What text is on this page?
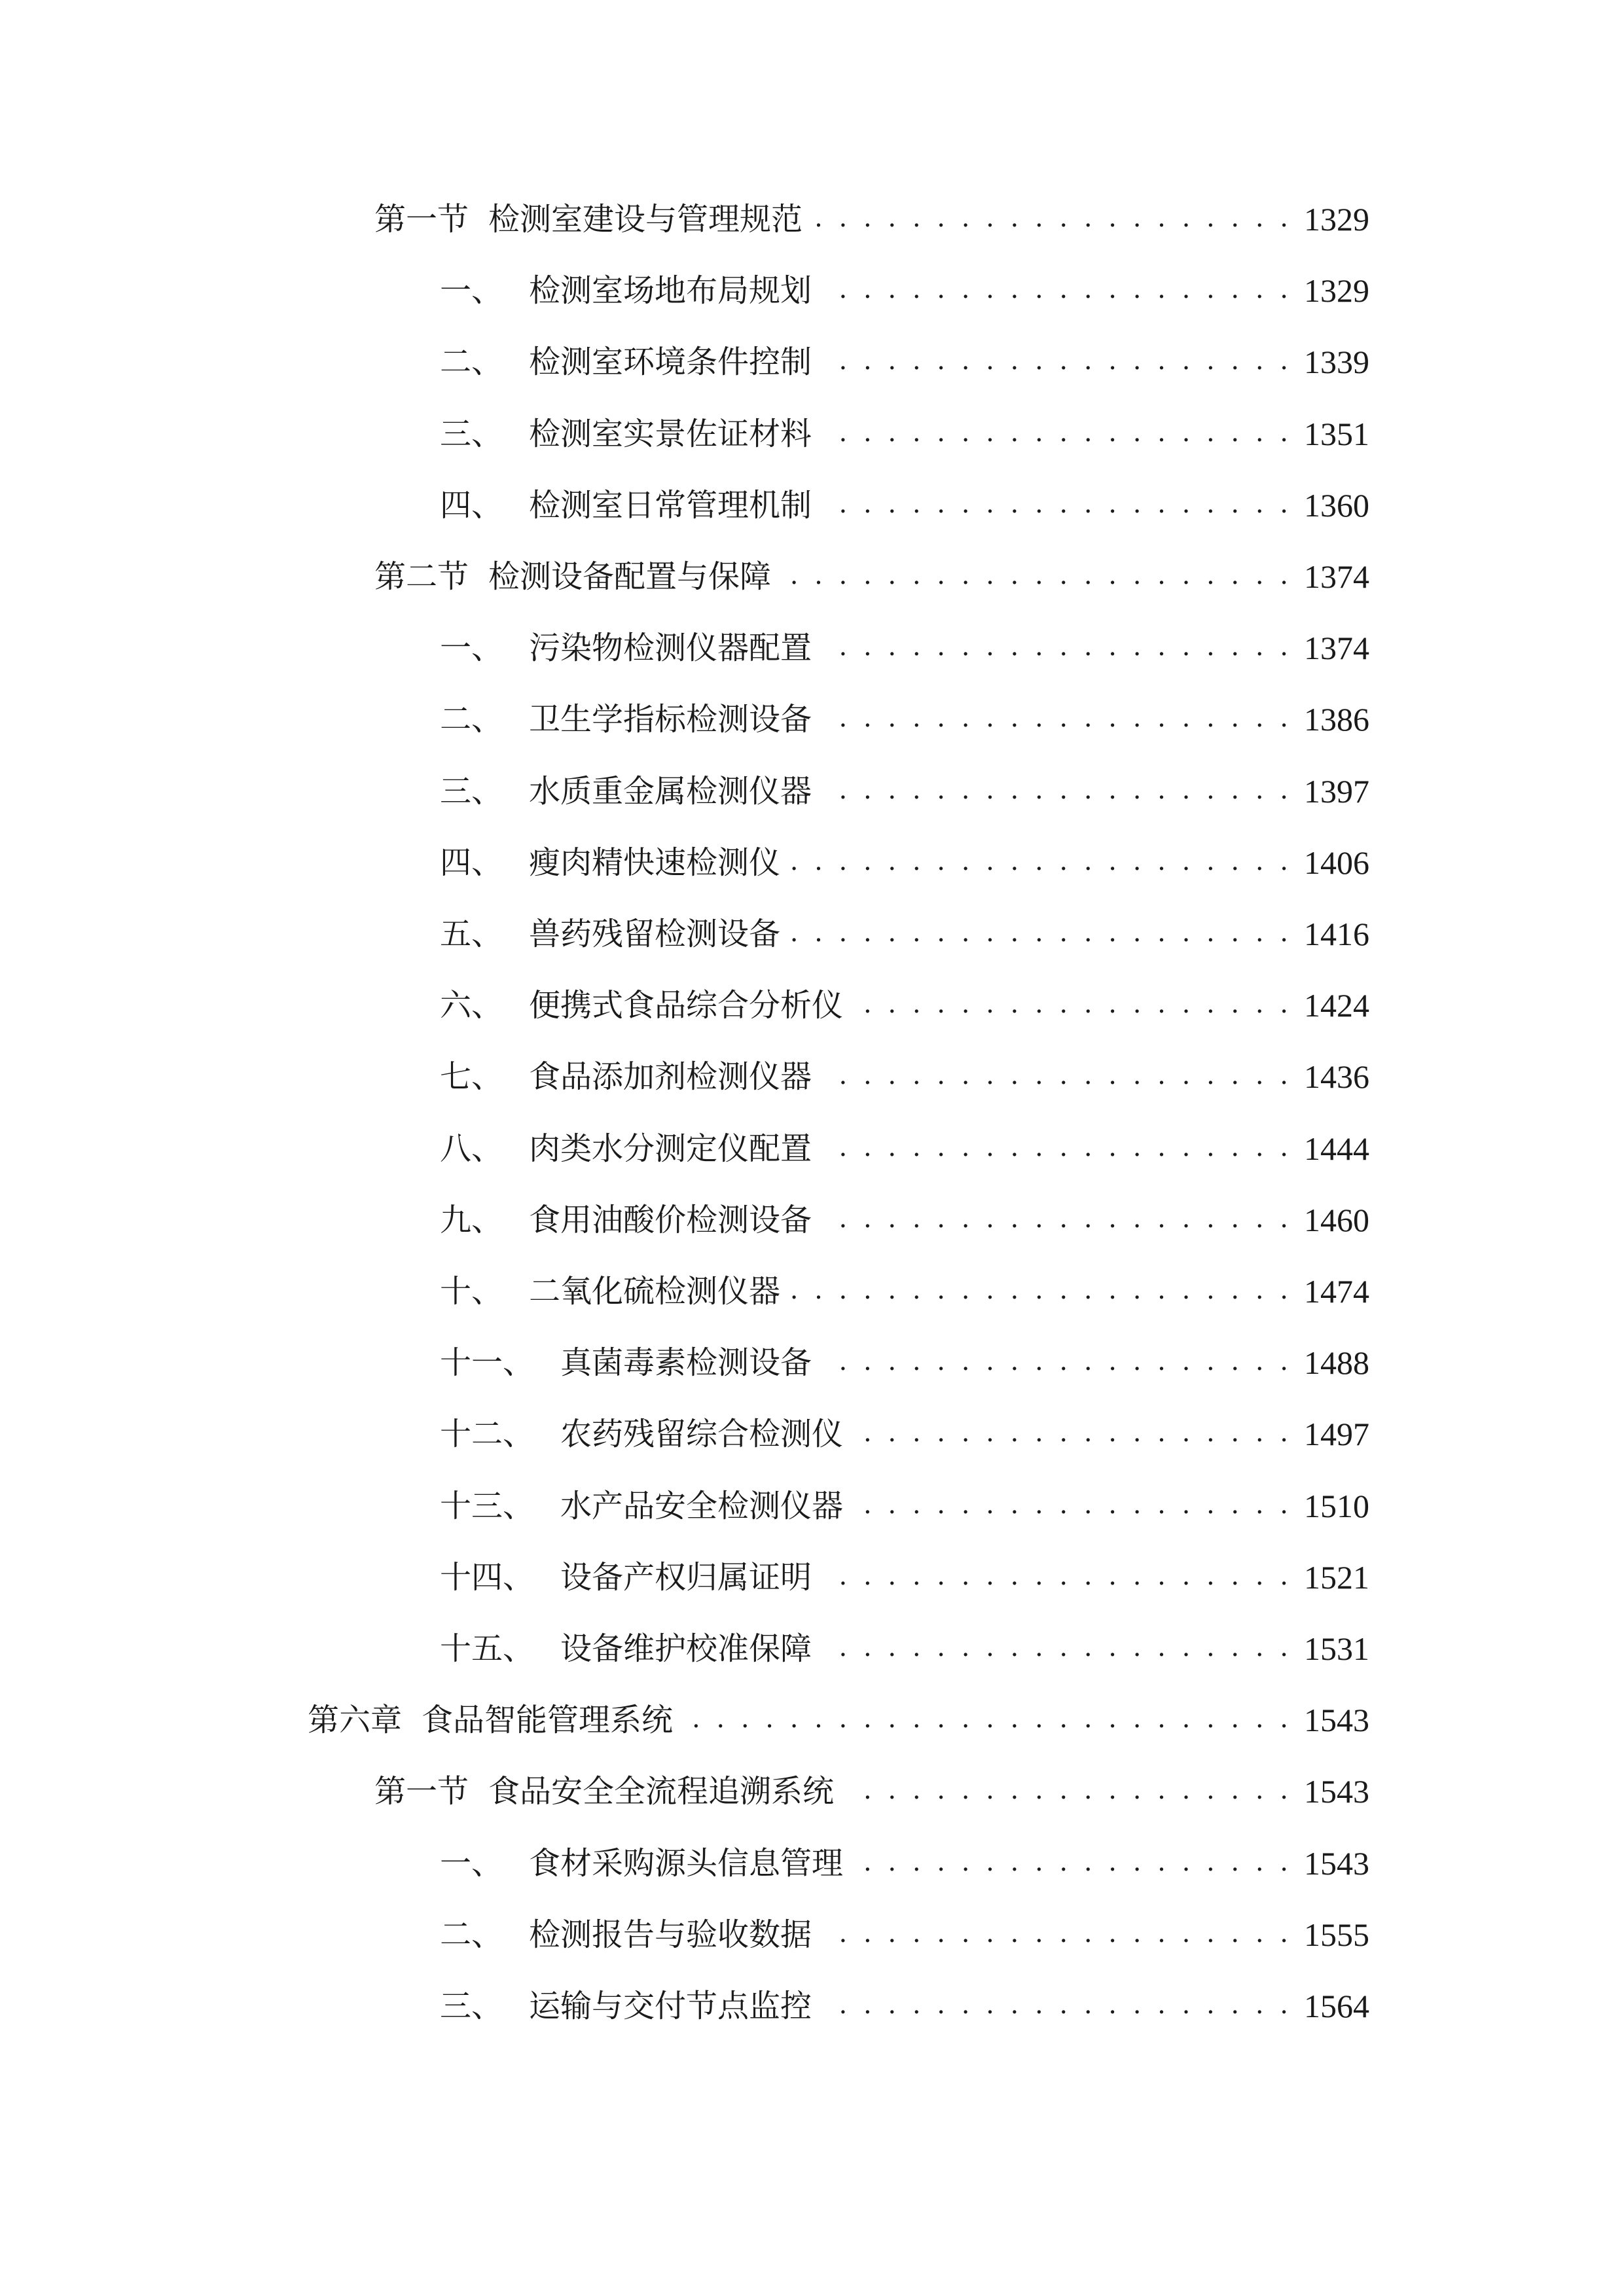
第一节 检测室建设与管理规范 . . .	1329
一、 检测室场地布局规划 . . .	1329
二、 检测室环境条件控制 . . .	1339
三、 检测室实景佐证材料 . . .	1351
四、 检测室日常管理机制 . . .	1360
第二节 检测设备配置与保障 . . .	1374
一、 污染物检测仪器配置 . . .	1374
二、 卫生学指标检测设备 . . .	1386
三、 水质重金属检测仪器 . . .	1397
四、 瘦肉精快速检测仪 . . .	1406
五、 兽药残留检测设备 . . .	1416
六、 便携式食品综合分析仪 . . .	1424
七、 食品添加剂检测仪器 . . .	1436
八、 肉类水分测定仪配置 . . .	1444
九、 食用油酸价检测设备 . . .	1460
十、 二氧化硫检测仪器 . . .	1474
十一、 真菌毒素检测设备 . . .	1488
十二、 农药残留综合检测仪 . . .	1497
十三、 水产品安全检测仪器 . . .	1510
十四、 设备产权归属证明 . . .	1521
十五、 设备维护校准保障 . . .	1531
第六章 食品智能管理系统 . . .	1543
第一节 食品安全全流程追溯系统 . . .	1543
一、 食材采购源头信息管理 . . .	1543
二、 检测报告与验收数据 . . .	1555
三、 运输与交付节点监控 . . .	1564
